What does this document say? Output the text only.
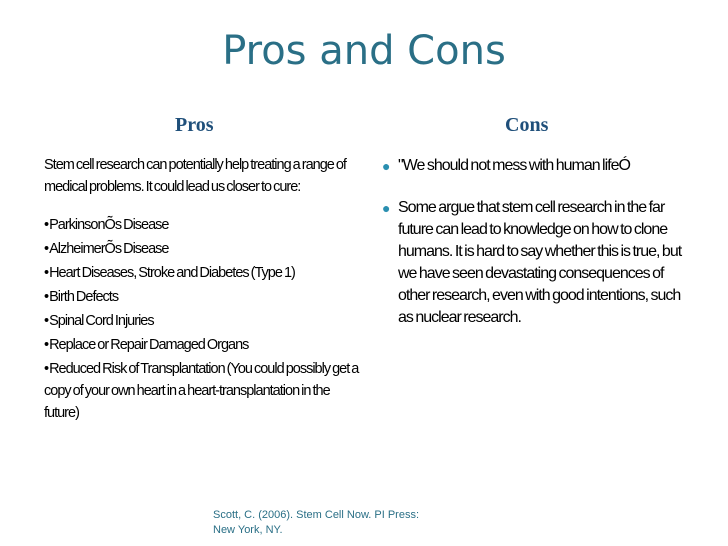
Pros and Cons
Pros	Cons

Stem cell research can potentially help treating a range of medical problems. It could lead us closer to cure:

• ParkinsonÕs Disease

• AlzheimerÕs Disease

• Heart Diseases, Stroke and Diabetes (Type 1)

• Birth Defects

• Spinal Cord Injuries

• Replace or Repair Damaged Organs

• Reduced Risk of Transplantation (You could possibly get a copy of your own heart in a heart-transplantation in the future)

● "We should not mess with human lifeÓ
● Some argue that stem cell research in the far future can lead to knowledge on how to clone humans. It is hard to say whether this is true, but we have seen devastating consequences of other research, even with good intentions, such as nuclear research.
Scott, C. (2006). Stem Cell Now. PI Press:
New York, NY.
